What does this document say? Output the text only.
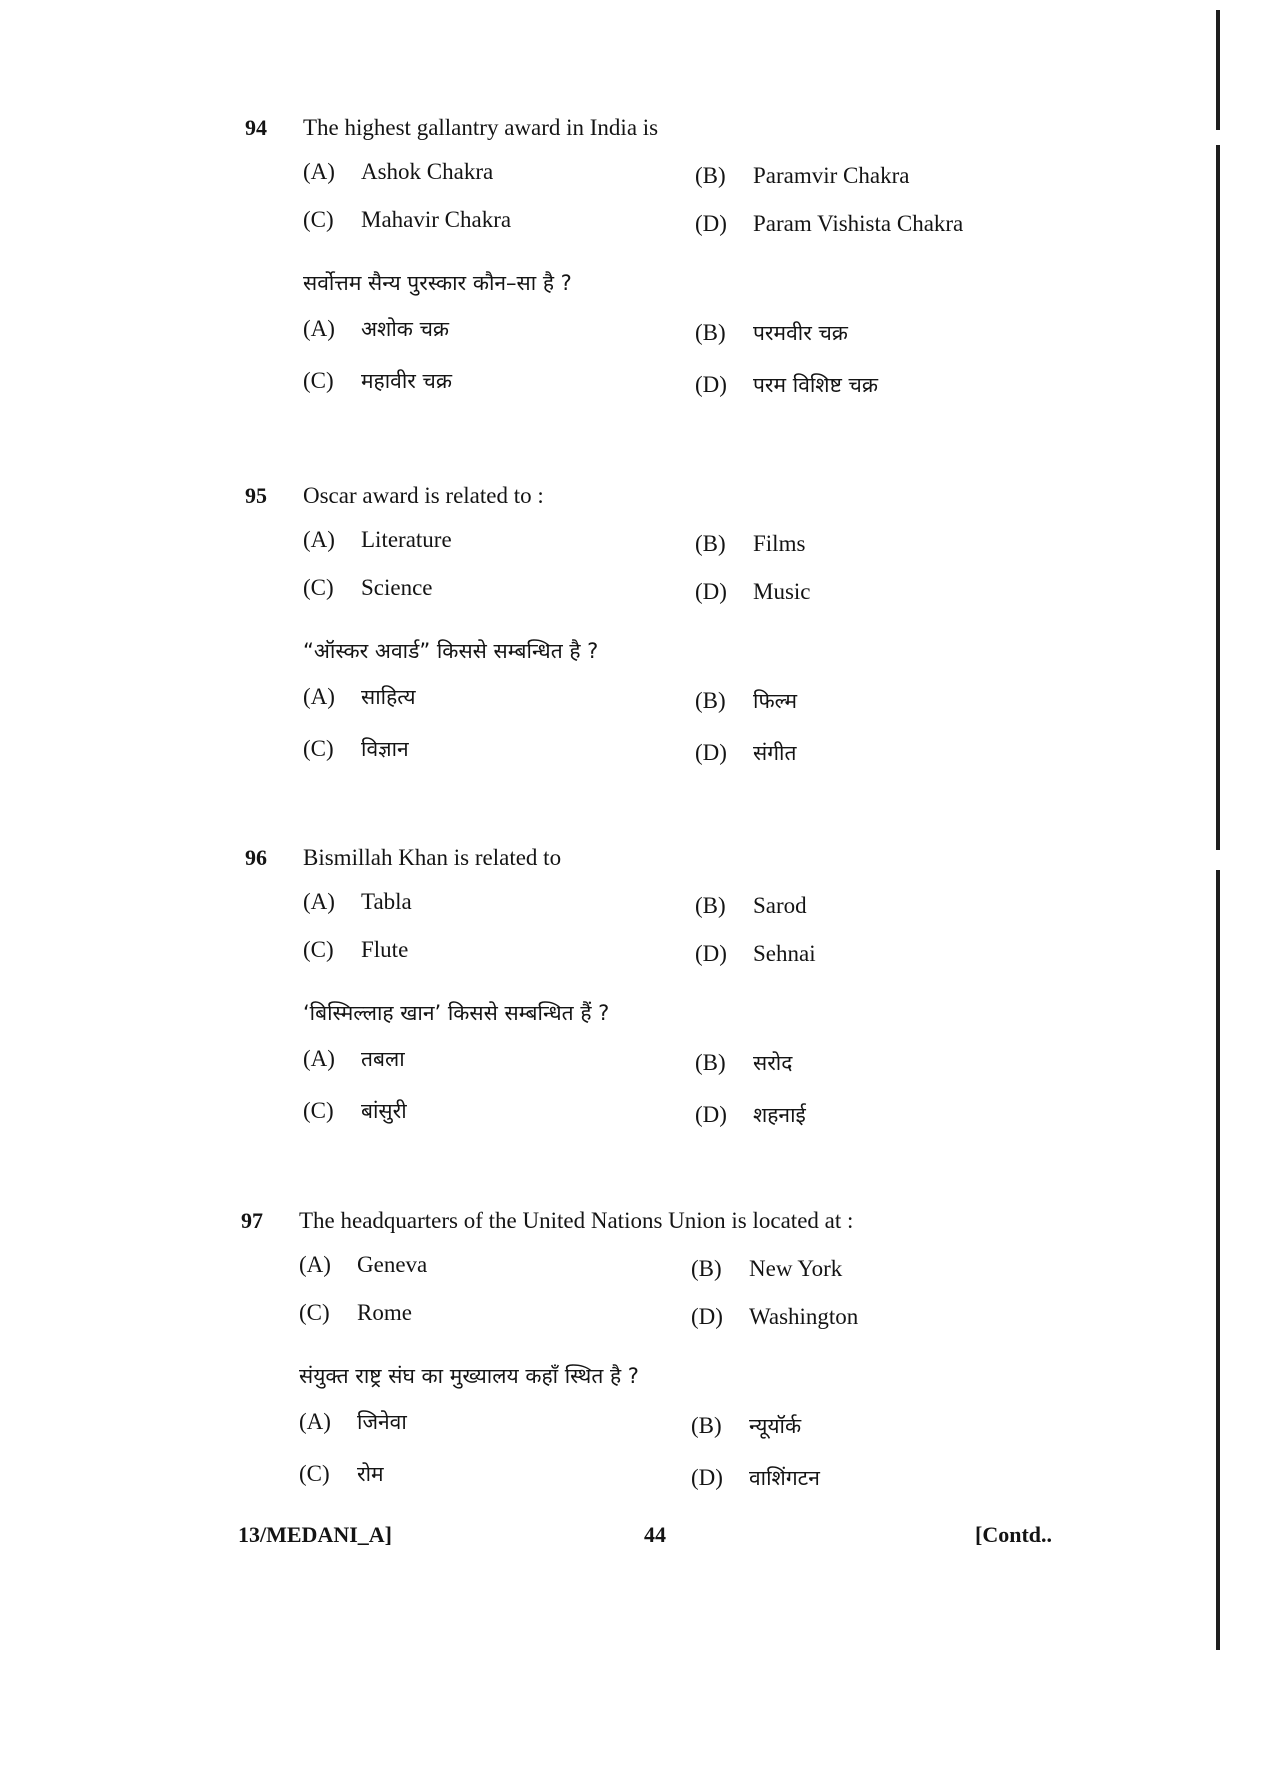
94 The highest gallantry award in India is
(A) Ashok Chakra	(B) Paramvir Chakra
(C) Mahavir Chakra	(D) Param Vishista Chakra
सर्वोत्तम सैन्य पुरस्कार कौन–सा है ?
(A) अशोक चक्र	(B) परमवीर चक्र
(C) महावीर चक्र	(D) परम विशिष्ट चक्र
95 Oscar award is related to :
(A) Literature	(B) Films
(C) Science	(D) Music
“ऑस्कर अवार्ड” किससे सम्बन्धित है ?
(A) साहित्य	(B) फिल्म
(C) विज्ञान	(D) संगीत
96 Bismillah Khan is related to
(A) Tabla	(B) Sarod
(C) Flute	(D) Sehnai
‘बिस्मिल्लाह खान’ किससे सम्बन्धित हैं ?
(A) तबला	(B) सरोद
(C) बांसुरी	(D) शहनाई
97 The headquarters of the United Nations Union is located at :
(A) Geneva	(B) New York
(C) Rome	(D) Washington
संयुक्त राष्ट्र संघ का मुख्यालय कहाँ स्थित है ?
(A) जिनेवा	(B) न्यूयॉर्क
(C) रोम	(D) वाशिंगटन
13/MEDANI_A]	44	[Contd..
